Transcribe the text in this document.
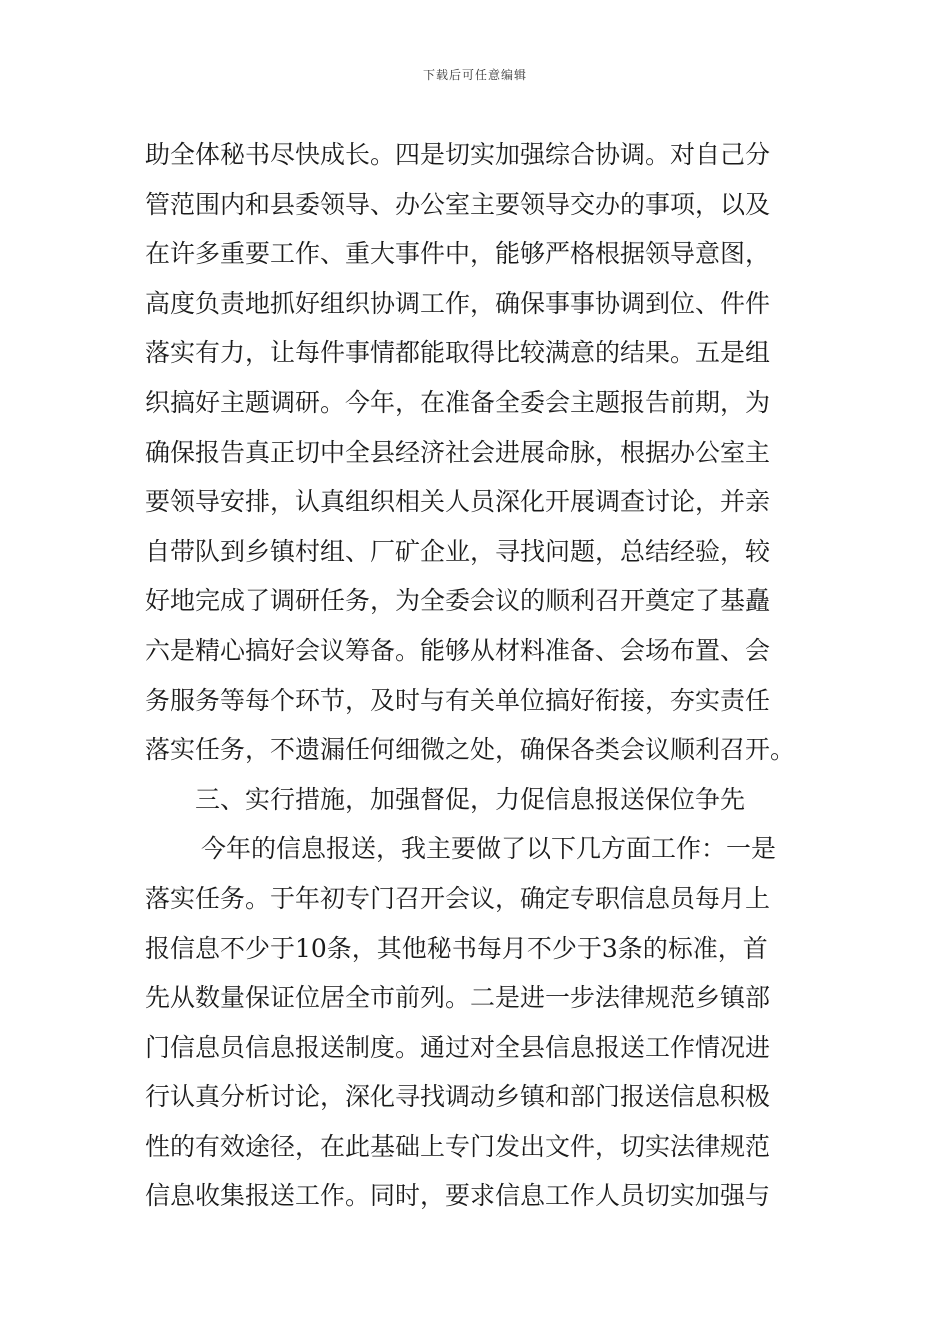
下载后可任意编辑
助全体秘书尽快成长。四是切实加强综合协调。对自己分
管范围内和县委领导、办公室主要领导交办的事项，以及
在许多重要工作、重大事件中，能够严格根据领导意图，
高度负责地抓好组织协调工作，确保事事协调到位、件件
落实有力，让每件事情都能取得比较满意的结果。五是组
织搞好主题调研。今年，在准备全委会主题报告前期，为
确保报告真正切中全县经济社会进展命脉，根据办公室主
要领导安排，认真组织相关人员深化开展调查讨论，并亲
自带队到乡镇村组、厂矿企业，寻找问题，总结经验，较
好地完成了调研任务，为全委会议的顺利召开奠定了基矗
六是精心搞好会议筹备。能够从材料准备、会场布置、会
务服务等每个环节，及时与有关单位搞好衔接，夯实责任
落实任务，不遗漏任何细微之处，确保各类会议顺利召开。
三、实行措施，加强督促，力促信息报送保位争先
今年的信息报送，我主要做了以下几方面工作：一是
落实任务。于年初专门召开会议，确定专职信息员每月上
报信息不少于10条，其他秘书每月不少于3条的标准，首
先从数量保证位居全市前列。二是进一步法律规范乡镇部
门信息员信息报送制度。通过对全县信息报送工作情况进
行认真分析讨论，深化寻找调动乡镇和部门报送信息积极
性的有效途径，在此基础上专门发出文件，切实法律规范
信息收集报送工作。同时，要求信息工作人员切实加强与
